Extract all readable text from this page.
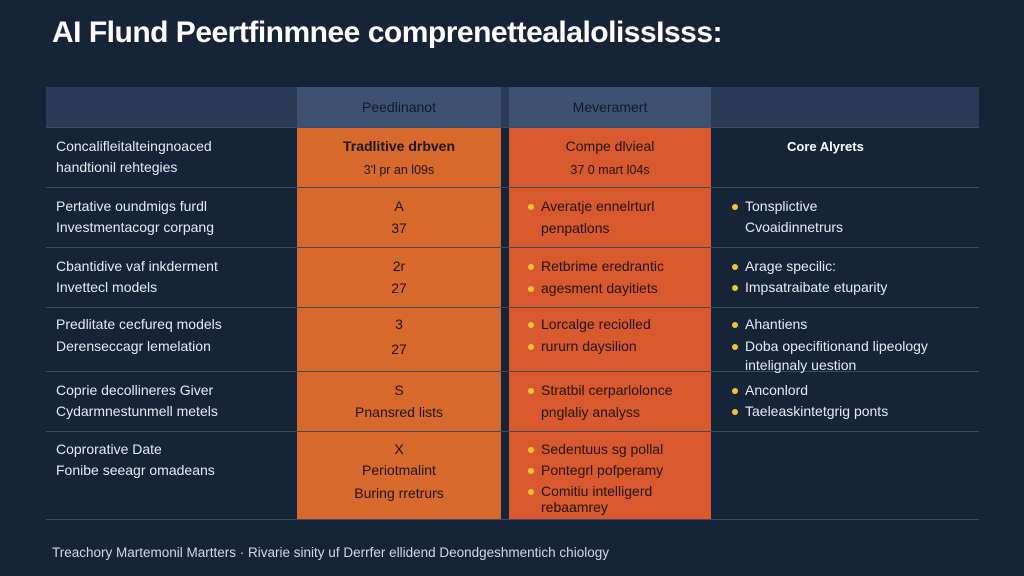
AI Flund Peertfinmnee comprenettealalolissIsss:
Peedlinanot	Meveramert
Concalifleitalteingnoaced
handtionil rehtegies
Tradlitive drbven
3'l pr an l09s
Compe dlvieal
37 0 mart l04s
Core Alyrets
Pertative oundmigs furdl
Investmentacogr corpang
A
37
Averatje ennelrturl
penpatlons
Tonsplictive
Cvoaidinnetrurs
Cbantidive vaf inkderment
Invettecl models
2r
27
Retbrime eredrantic
agesment dayitiets
Arage specilic:
Impsatraibate etuparity
Predlitate cecfureq models
Derenseccagr lemelation
3
27
Lorcalge reciolled
rururn daysilion
Ahantiens
Doba opecifitionand lipeology
intelignaly uestion
Coprie decollineres Giver
Cydarmnestunmell metels
S
Pnansred lists
Stratbil cerparlolonce
pnglaliy analyss
Anconlord
Taeleaskintetgrig ponts
Coprorative Date
Fonibe seeagr omadeans
X
Periotmalint
Buring rretrurs
Sedentuus sg pollal
Pontegrl pofperamy
Comitiu intelligerd
rebaamrey
Treachory Martemonil Martters · Rivarie sinity uf Derrfer ellidend Deondgeshmentich chiology
